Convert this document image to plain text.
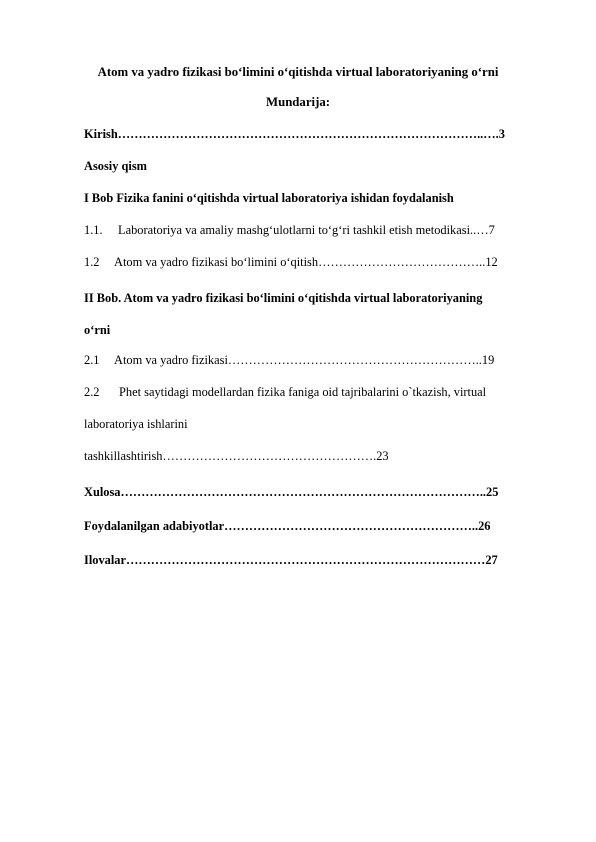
Atom va yadro fizikasi bo‘limini o‘qitishda virtual laboratoriyaning o‘rni
Mundarija:
Kirish……………………………………………………………………………..….3
Asosiy qism
I Bob Fizika fanini o‘qitishda virtual laboratoriya ishidan foydalanish
1.1. Laboratoriya va amaliy mashg‘ulotlarni to‘g‘ri tashkil etish metodikasi..…7
1.2 Atom va yadro fizikasi bo‘limini o‘qitish…………………………………..12
II Bob. Atom va yadro fizikasi bo‘limini o‘qitishda virtual laboratoriyaning
o‘rni
2.1 Atom va yadro fizikasi……………………………………………………..19
2.2 Phet saytidagi modellardan fizika faniga oid tajribalarini o`tkazish, virtual
laboratoriya ishlarini
tashkillashtirish…………………………………………….23
Xulosa……………………………………………………………………………..25
Foydalanilgan adabiyotlar……………………………………………………..26
Ilovalar……………………………………………………………………………27
